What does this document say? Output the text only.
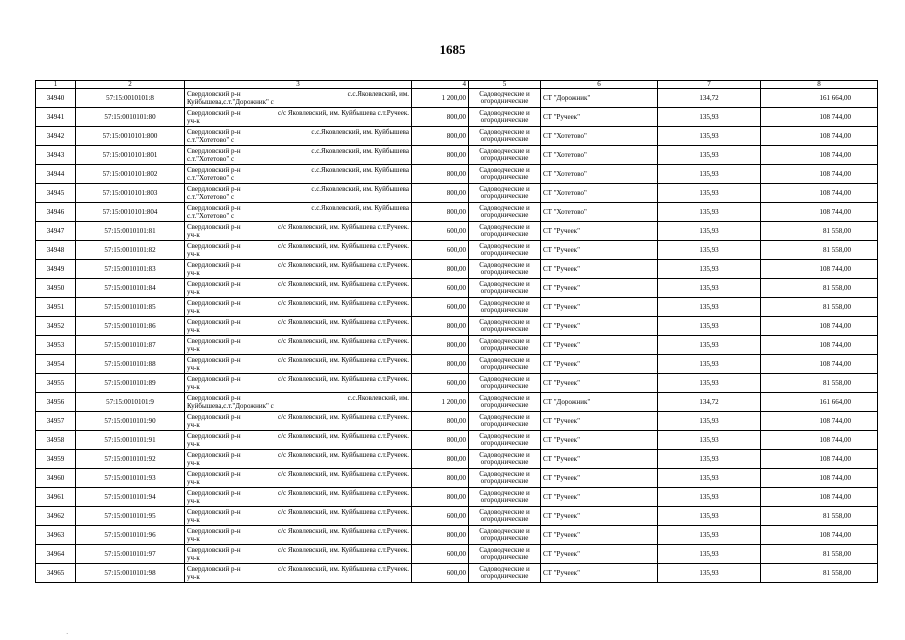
1685
1	2	3	4	5	6	7	8
34940	57:15:0010101:8	Свердловский р-н с.с.Яковлевский, им.
Куйбышева,с.т."Дорожник" с	1 200,00	Садоводческие и
огороднические	СТ "Дорожник"	134,72	161 664,00
34941	57:15:0010101:80	Свердловский р-н с/с Яковлевский, им. Куйбышева с.т.Ручеек.
уч-к	800,00	Садоводческие и
огороднические	СТ "Ручеек"	135,93	108 744,00
34942	57:15:0010101:800	Свердловский р-н с.с.Яковлевский, им. Куйбышева
с.т."Хотетово" с	800,00	Садоводческие и
огороднические	СТ "Хотетово"	135,93	108 744,00
34943	57:15:0010101:801	Свердловский р-н с.с.Яковлевский, им. Куйбышева
с.т."Хотетово" с	800,00	Садоводческие и
огороднические	СТ "Хотетово"	135,93	108 744,00
34944	57:15:0010101:802	Свердловский р-н с.с.Яковлевский, им. Куйбышева
с.т."Хотетово" с	800,00	Садоводческие и
огороднические	СТ "Хотетово"	135,93	108 744,00
34945	57:15:0010101:803	Свердловский р-н с.с.Яковлевский, им. Куйбышева
с.т."Хотетово" с	800,00	Садоводческие и
огороднические	СТ "Хотетово"	135,93	108 744,00
34946	57:15:0010101:804	Свердловский р-н с.с.Яковлевский, им. Куйбышева
с.т."Хотетово" с	800,00	Садоводческие и
огороднические	СТ "Хотетово"	135,93	108 744,00
34947	57:15:0010101:81	Свердловский р-н с/с Яковлевский, им. Куйбышева с.т.Ручеек.
уч-к	600,00	Садоводческие и
огороднические	СТ "Ручеек"	135,93	81 558,00
34948	57:15:0010101:82	Свердловский р-н с/с Яковлевский, им. Куйбышева с.т.Ручеек.
уч-к	600,00	Садоводческие и
огороднические	СТ "Ручеек"	135,93	81 558,00
34949	57:15:0010101:83	Свердловский р-н с/с Яковлевский, им. Куйбышева с.т.Ручеек.
уч-к	800,00	Садоводческие и
огороднические	СТ "Ручеек"	135,93	108 744,00
34950	57:15:0010101:84	Свердловский р-н с/с Яковлевский, им. Куйбышева с.т.Ручеек.
уч-к	600,00	Садоводческие и
огороднические	СТ "Ручеек"	135,93	81 558,00
34951	57:15:0010101:85	Свердловский р-н с/с Яковлевский, им. Куйбышева с.т.Ручеек.
уч-к	600,00	Садоводческие и
огороднические	СТ "Ручеек"	135,93	81 558,00
34952	57:15:0010101:86	Свердловский р-н с/с Яковлевский, им. Куйбышева с.т.Ручеек.
уч-к	800,00	Садоводческие и
огороднические	СТ "Ручеек"	135,93	108 744,00
34953	57:15:0010101:87	Свердловский р-н с/с Яковлевский, им. Куйбышева с.т.Ручеек.
уч-к	800,00	Садоводческие и
огороднические	СТ "Ручеек"	135,93	108 744,00
34954	57:15:0010101:88	Свердловский р-н с/с Яковлевский, им. Куйбышева с.т.Ручеек.
уч-к	800,00	Садоводческие и
огороднические	СТ "Ручеек"	135,93	108 744,00
34955	57:15:0010101:89	Свердловский р-н с/с Яковлевский, им. Куйбышева с.т.Ручеек.
уч-к	600,00	Садоводческие и
огороднические	СТ "Ручеек"	135,93	81 558,00
34956	57:15:0010101:9	Свердловский р-н с.с.Яковлевский, им.
Куйбышева,с.т."Дорожник" с	1 200,00	Садоводческие и
огороднические	СТ "Дорожник"	134,72	161 664,00
34957	57:15:0010101:90	Свердловский р-н с/с Яковлевский, им. Куйбышева с.т.Ручеек.
уч-к	800,00	Садоводческие и
огороднические	СТ "Ручеек"	135,93	108 744,00
34958	57:15:0010101:91	Свердловский р-н с/с Яковлевский, им. Куйбышева с.т.Ручеек.
уч-к	800,00	Садоводческие и
огороднические	СТ "Ручеек"	135,93	108 744,00
34959	57:15:0010101:92	Свердловский р-н с/с Яковлевский, им. Куйбышева с.т.Ручеек.
уч-к	800,00	Садоводческие и
огороднические	СТ "Ручеек"	135,93	108 744,00
34960	57:15:0010101:93	Свердловский р-н с/с Яковлевский, им. Куйбышева с.т.Ручеек.
уч-к	800,00	Садоводческие и
огороднические	СТ "Ручеек"	135,93	108 744,00
34961	57:15:0010101:94	Свердловский р-н с/с Яковлевский, им. Куйбышева с.т.Ручеек.
уч-к	800,00	Садоводческие и
огороднические	СТ "Ручеек"	135,93	108 744,00
34962	57:15:0010101:95	Свердловский р-н с/с Яковлевский, им. Куйбышева с.т.Ручеек.
уч-к	600,00	Садоводческие и
огороднические	СТ "Ручеек"	135,93	81 558,00
34963	57:15:0010101:96	Свердловский р-н с/с Яковлевский, им. Куйбышева с.т.Ручеек.
уч-к	800,00	Садоводческие и
огороднические	СТ "Ручеек"	135,93	108 744,00
34964	57:15:0010101:97	Свердловский р-н с/с Яковлевский, им. Куйбышева с.т.Ручеек.
уч-к	600,00	Садоводческие и
огороднические	СТ "Ручеек"	135,93	81 558,00
34965	57:15:0010101:98	Свердловский р-н с/с Яковлевский, им. Куйбышева с.т.Ручеек.
уч-к	600,00	Садоводческие и
огороднические	СТ "Ручеек"	135,93	81 558,00
·
